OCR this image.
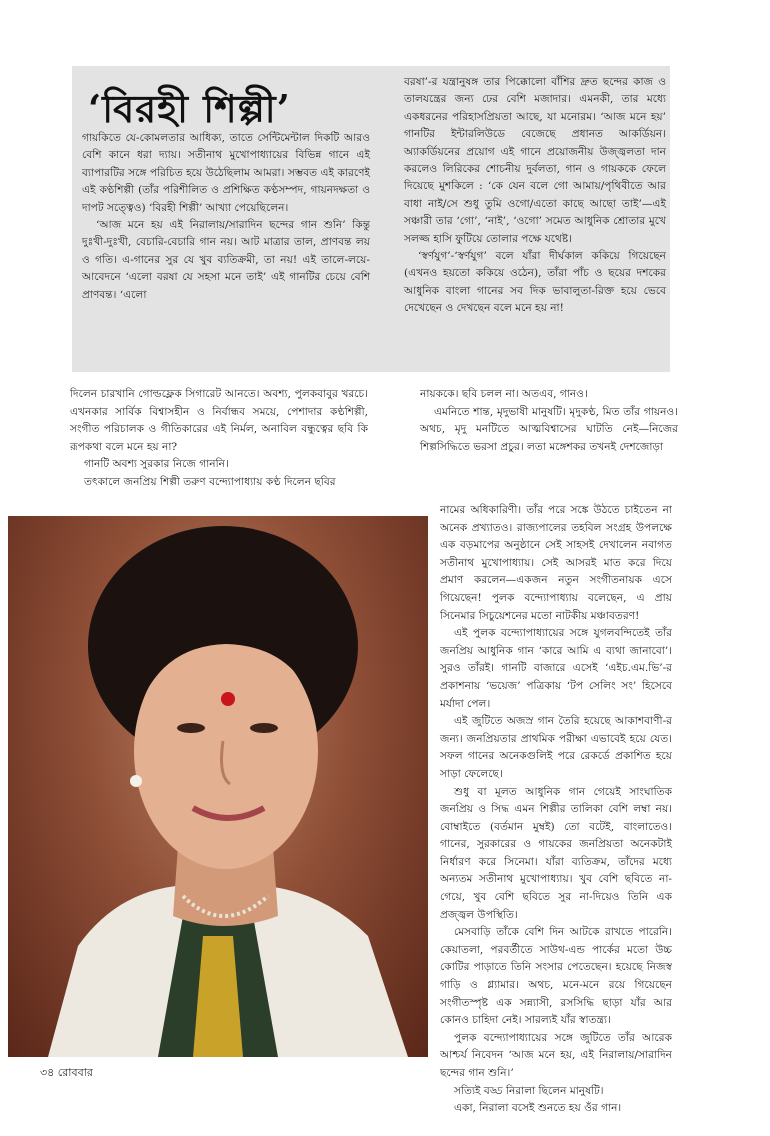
‘বিরহী শিল্পী’

গায়কিতে যে-কোমলতার আধিক্য, তাতে সেন্টিমেন্টাল দিকটি আরও বেশি কানে ধরা দ্যায়। সতীনাথ মুখোপাধ্যায়ের বিভিন্ন গানে এই ব্যাপারটির সঙ্গে পরিচিত হয়ে উঠেছিলাম আমরা। সম্ভবত এই কারণেই এই কণ্ঠশিল্পী (তাঁর পরিশীলিত ও প্রশিক্ষিত কণ্ঠসম্পদ, গায়নদক্ষতা ও দাপট সত্ত্বেও) ‘বিরহী শিল্পী’ আখ্যা পেয়েছিলেন।

‘আজ মনে হয় এই নিরালায়/সারাদিন ছন্দের গান শুনি’ কিন্তু দুঃখী-দুঃখী, বেচারি-বেচারি গান নয়। আট মাত্রার তাল, প্রাণবন্ত লয় ও গতি। এ-গানের সুর যে খুব ব্যতিক্রমী, তা নয়! এই তালে-লয়ে-আবেদনে ‘এলো বরষা যে সহসা মনে তাই’ এই গানটির চেয়ে বেশি প্রাণবন্ত। ‘এলো

বরষা’-র যন্ত্রানুষঙ্গ তার পিক্কোলো বাঁশির দ্রুত ছন্দের কাজ ও তালযন্ত্রের জন্য ঢের বেশি মজাদার। এমনকী, তার মধ্যে একধরনের পরিহাসপ্রিয়তা আছে, যা মনোরম। ‘আজ মনে হয়’ গানটির ইন্টারলিউডে বেজেছে প্রধানত আকর্ডিয়ন। অ্যাকর্ডিয়নের প্রয়োগ এই গানে প্রয়োজনীয় উজ্জ্বলতা দান করলেও লিরিকের শোচনীয় দুর্বলতা, গান ও গায়ককে ফেলে দিয়েছে মুশকিলে : ‘কে যেন বলে গো আমায়/পৃথিবীতে আর বাধা নাই/সে শুধু তুমি ওগো/এতো কাছে আছো তাই’—এই সঞ্চারী তার ‘গো’, ‘নাই’, ‘ওগো’ সমেত আধুনিক শ্রোতার মুখে সলজ্জ হাসি ফুটিয়ে তোলার পক্ষে যথেষ্ট।

‘স্বর্ণযুগ’-‘স্বর্ণযুগ’ বলে যাঁরা দীর্ঘকাল ককিয়ে গিয়েছেন (এখনও হয়তো ককিয়ে ওঠেন), তাঁরা পাঁচ ও ছয়ের দশকের আধুনিক বাংলা গানের সব দিক ভাবালুতা-রিক্ত হয়ে ভেবে দেখেছেন ও দেখছেন বলে মনে হয় না!

দিলেন চারখানি গোল্ডফ্লেক সিগারেট আনতে। অবশ্য, পুলকবাবুর খরচে। এখনকার সার্বিক বিশ্বাসহীন ও নির্বান্ধব সময়ে, পেশাদার কণ্ঠশিল্পী, সংগীত পরিচালক ও গীতিকারের এই নির্মল, অনাবিল বন্ধুত্বের ছবি কি রূপকথা বলে মনে হয় না?

গানটি অবশ্য সুরকার নিজে গাননি।

তৎকালে জনপ্রিয় শিল্পী তরুণ বন্দ্যোপাধ্যায় কণ্ঠ দিলেন ছবির

নায়ককে। ছবি চলল না। অতএব, গানও।

এমনিতে শান্ত, মৃদুভাষী মানুষটি। মৃদুকণ্ঠ, মিত তাঁর গায়নও। অথচ, মৃদু মনটিতে আত্মবিশ্বাসের ঘাটতি নেই—নিজের শিল্পসিদ্ধিতে ভরসা প্রচুর। লতা মঙ্গেশকর তখনই দেশজোড়া

নামের অধিকারিণী। তাঁর পরে সঙ্কে উঠতে চাইতেন না অনেক প্রখ্যাতও। রাজ্যপালের তহবিল সংগ্রহ উপলক্ষে এক বড়মাপের অনুষ্ঠানে সেই সাহসই দেখালেন নবাগত সতীনাথ মুখোপাধ্যায়। সেই আসরই মাত করে দিয়ে প্রমাণ করলেন—একজন নতুন সংগীতনায়ক এসে গিয়েছেন! পুলক বন্দ্যোপাধ্যায় বলেছেন, এ প্রায় সিনেমার সিচুয়েশনের মতো নাটকীয় মঞ্চাবতরণ!

এই পুলক বন্দ্যোপাধ্যায়ের সঙ্গে যুগলবন্দিতেই তাঁর জনপ্রিয় আধুনিক গান ‘কারে আমি এ ব্যথা জানাবো’। সুরও তাঁরই। গানটি বাজারে এসেই ‘এইচ.এম.ভি’-র প্রকাশনায় ‘ভয়েজ’ পত্রিকায় ‘টপ সেলিং সং’ হিসেবে মর্যাদা পেল।

এই জুটিতে অজস্র গান তৈরি হয়েছে আকাশবাণী-র জন্য। জনপ্রিয়তার প্রাথমিক পরীক্ষা এভাবেই হয়ে যেত। সফল গানের অনেকগুলিই পরে রেকর্ডে প্রকাশিত হয়ে সাড়া ফেলেছে।

শুধু বা মূলত আধুনিক গান গেয়েই সাংঘাতিক জনপ্রিয় ও সিদ্ধ এমন শিল্পীর তালিকা বেশি লম্বা নয়। বোম্বাইতে (বর্তমান মুম্বই) তো বটেই, বাংলাতেও। গানের, সুরকারের ও গায়কের জনপ্রিয়তা অনেকটাই নির্ধারণ করে সিনেমা। যাঁরা ব্যতিক্রম, তাঁদের মধ্যে অন্যতম সতীনাথ মুখোপাধ্যায়। খুব বেশি ছবিতে না-গেয়ে, খুব বেশি ছবিতে সুর না-দিয়েও তিনি এক প্রজ্জ্বল উপস্থিতি।

মেসবাড়ি তাঁকে বেশি দিন আটকে রাখতে পারেনি। কেয়াতলা, পরবর্তীতে সাউথ-এন্ড পার্কের মতো উচ্চ কোটির পাড়াতে তিনি সংসার পেতেছেন। হয়েছে নিজস্ব গাড়ি ও গ্ল্যামার। অথচ, মনে-মনে রয়ে গিয়েছেন সংগীতস্পৃষ্ট এক সন্ন্যাসী, রসসিদ্ধি ছাড়া যাঁর আর কোনও চাহিদা নেই। সারল্যই যাঁর স্বাতন্ত্র্য।

পুলক বন্দ্যোপাধ্যায়ের সঙ্গে জুটিতে তাঁর আরেক আশ্চর্য নিবেদন ‘আজ মনে হয়, এই নিরালায়/সারাদিন ছন্দের গান শুনি।’

সত্যিই বড্ড নিরালা ছিলেন মানুষটি।

একা, নিরালা বসেই শুনতে হয় ওঁর গান।

৩৪ রোববার
